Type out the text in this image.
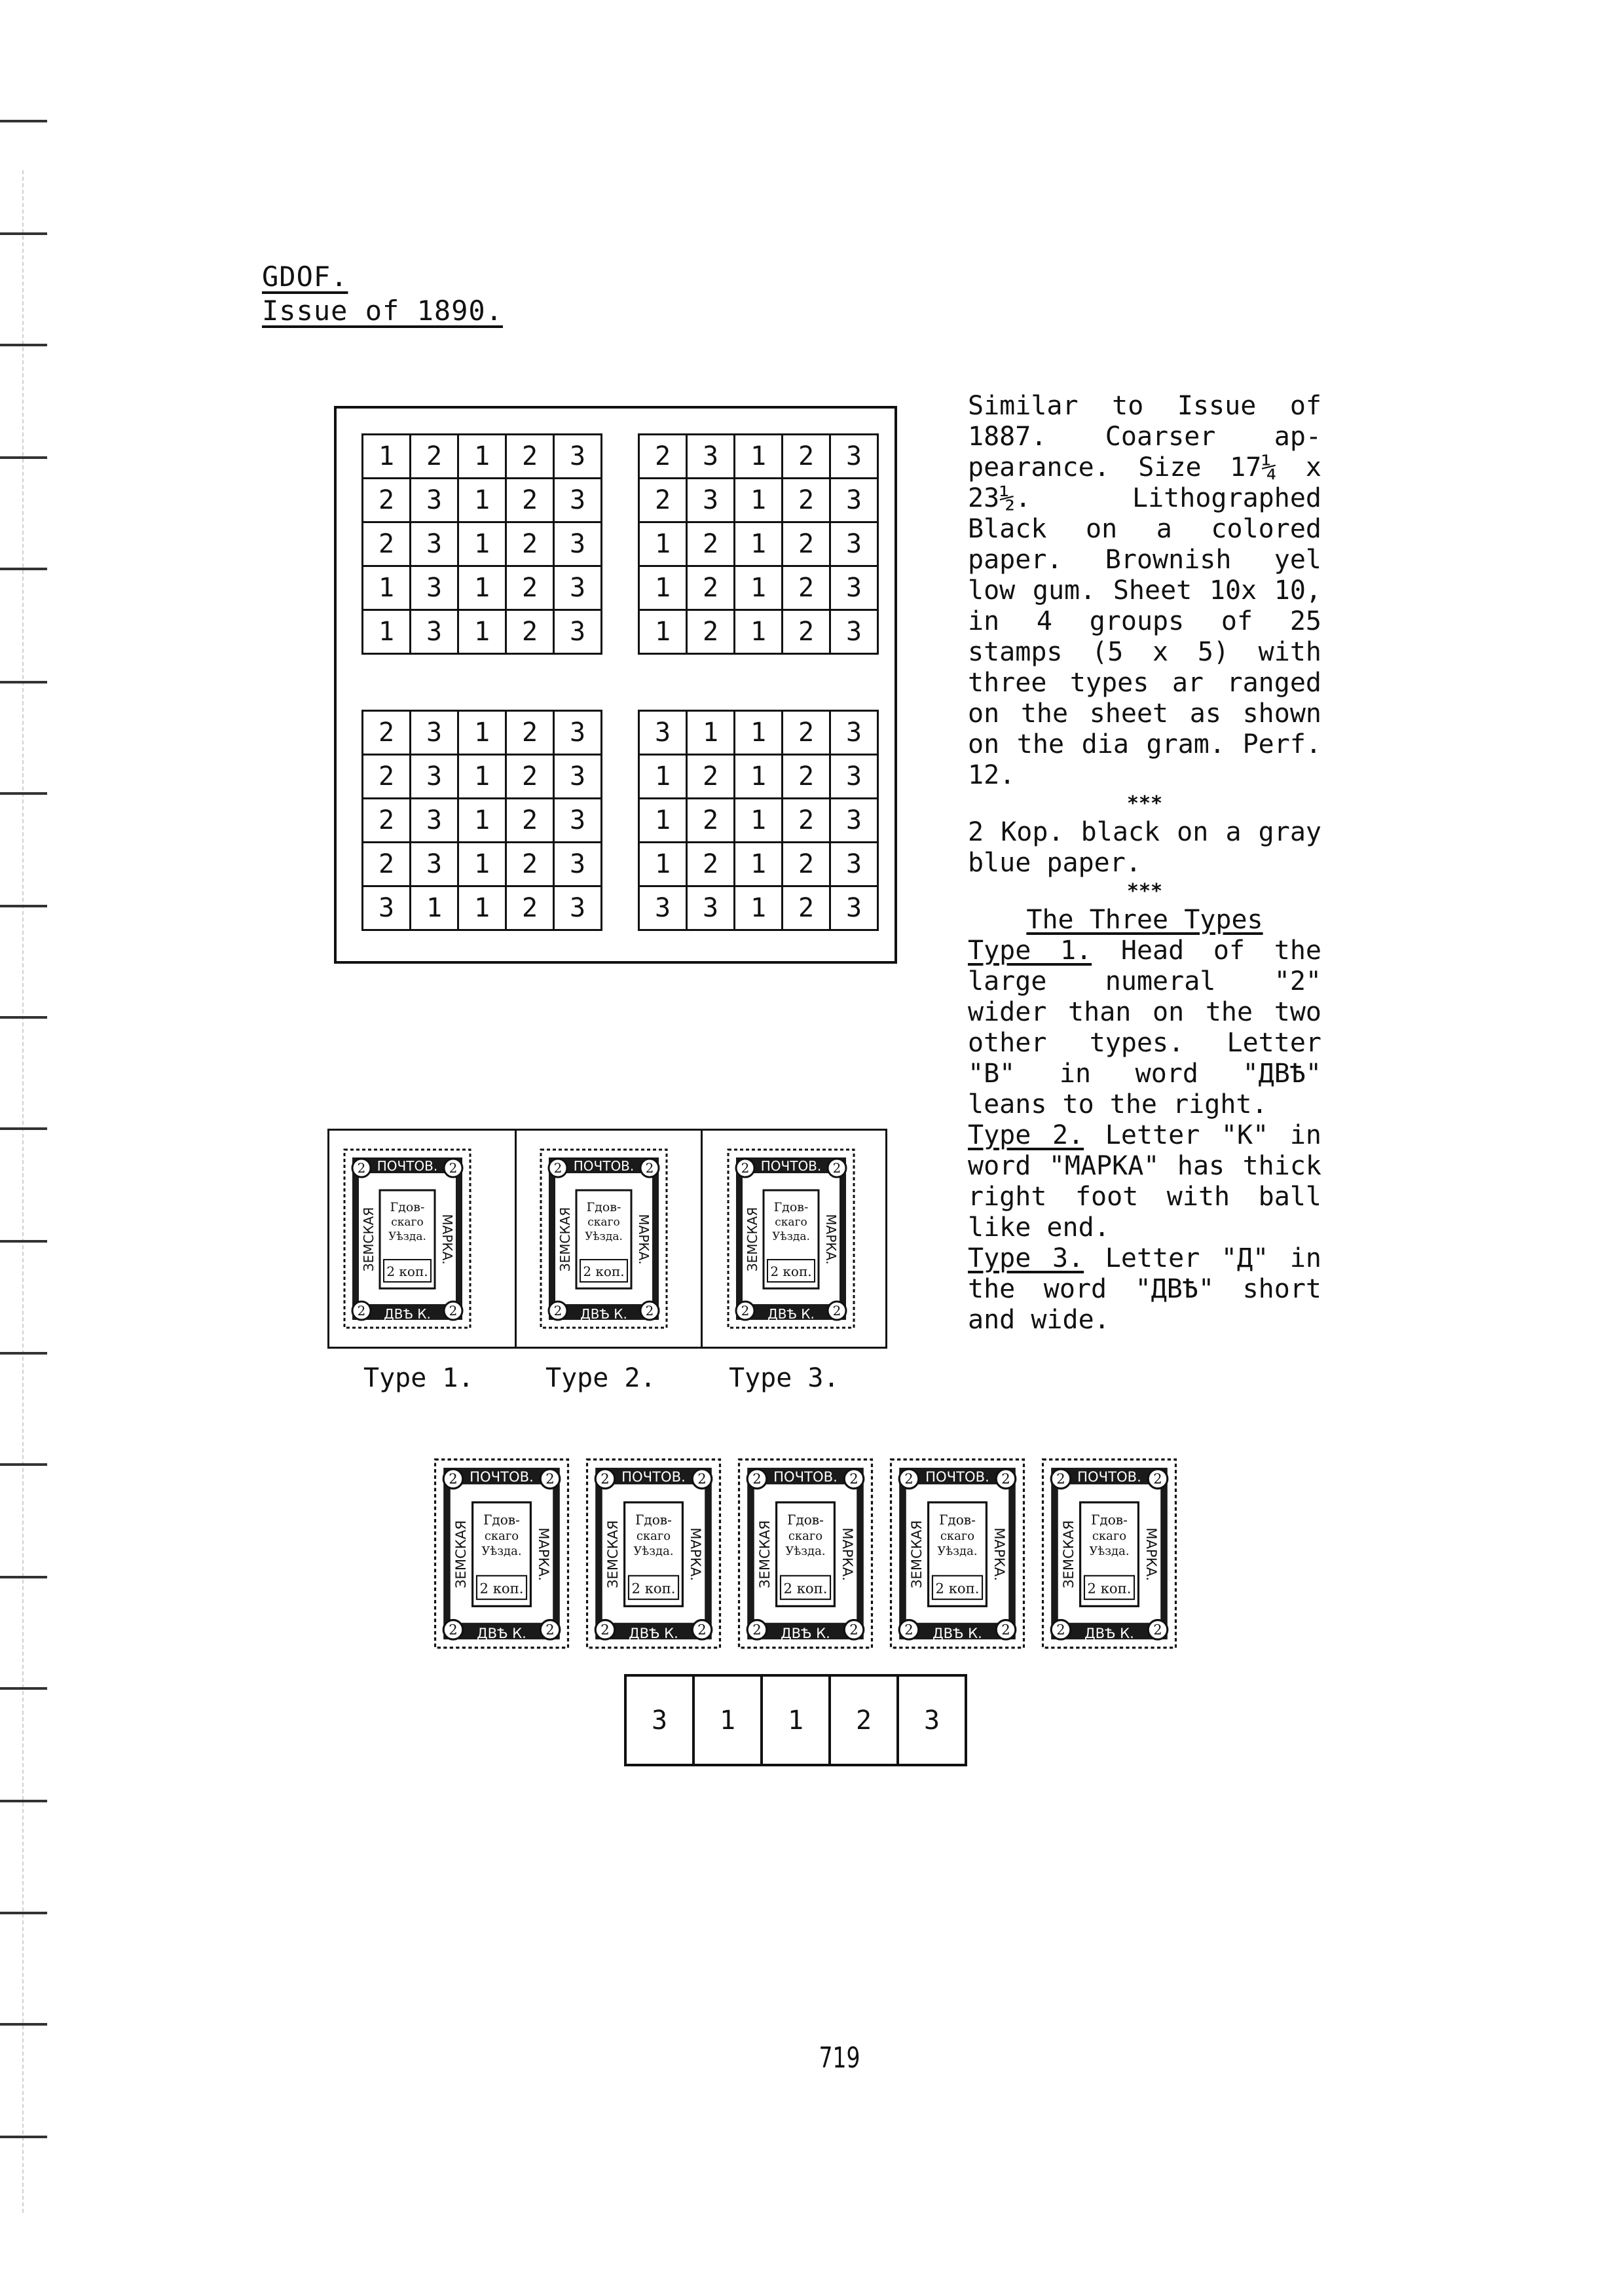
GDOF.
Issue of 1890.
1	2	1	2	3
2	3	1	2	3
2	3	1	2	3
1	3	1	2	3
1	3	1	2	3
2	3	1	2	3
2	3	1	2	3
1	2	1	2	3
1	2	1	2	3
1	2	1	2	3
2	3	1	2	3
2	3	1	2	3
2	3	1	2	3
2	3	1	2	3
3	1	1	2	3
3	1	1	2	3
1	2	1	2	3
1	2	1	2	3
1	2	1	2	3
3	3	1	2	3

Similar to Issue of 1887. Coarser ap- pearance. Size 17¼ x 23½. Lithographed Black on a colored paper. Brownish yel low gum. Sheet 10x 10, in 4 groups of 25 stamps (5 x 5) with three types ar ranged on the sheet as shown on the dia gram. Perf. 12.

***

2 Kop. black on a gray blue paper.

***

The Three Types

Type 1. Head of the large numeral "2" wider than on the two other types. Letter "B" in word "ДВѢ" leans to the right.

Type 2. Letter "K" in word "MAPKA" has thick right foot with ball like end.

Type 3. Letter "Д" in the word "ДВѢ" short and wide.

2	2
2	2
ПОЧТОВ.
ДВѢ К.
ЗЕМСКАЯ	МАРКА.
Гдов-
скаго
Уѣзда.
2 коп.
2	2
2	2
ПОЧТОВ.
ДВѢ К.
ЗЕМСКАЯ	МАРКА.
Гдов-
скаго
Уѣзда.
2 коп.
2	2
2	2
ПОЧТОВ.
ДВѢ К.
ЗЕМСКАЯ	МАРКА.
Гдов-
скаго
Уѣзда.
2 коп.
Type 1.	Type 2.	Type 3.
2	2
2	2
ПОЧТОВ.
ДВѢ К.
ЗЕМСКАЯ	МАРКА.
Гдов-
скаго
Уѣзда.
2 коп.
2	2
2	2
ПОЧТОВ.
ДВѢ К.
ЗЕМСКАЯ	МАРКА.
Гдов-
скаго
Уѣзда.
2 коп.
2	2
2	2
ПОЧТОВ.
ДВѢ К.
ЗЕМСКАЯ	МАРКА.
Гдов-
скаго
Уѣзда.
2 коп.
2	2
2	2
ПОЧТОВ.
ДВѢ К.
ЗЕМСКАЯ	МАРКА.
Гдов-
скаго
Уѣзда.
2 коп.
2	2
2	2
ПОЧТОВ.
ДВѢ К.
ЗЕМСКАЯ	МАРКА.
Гдов-
скаго
Уѣзда.
2 коп.
3	1	1	2	3
719
